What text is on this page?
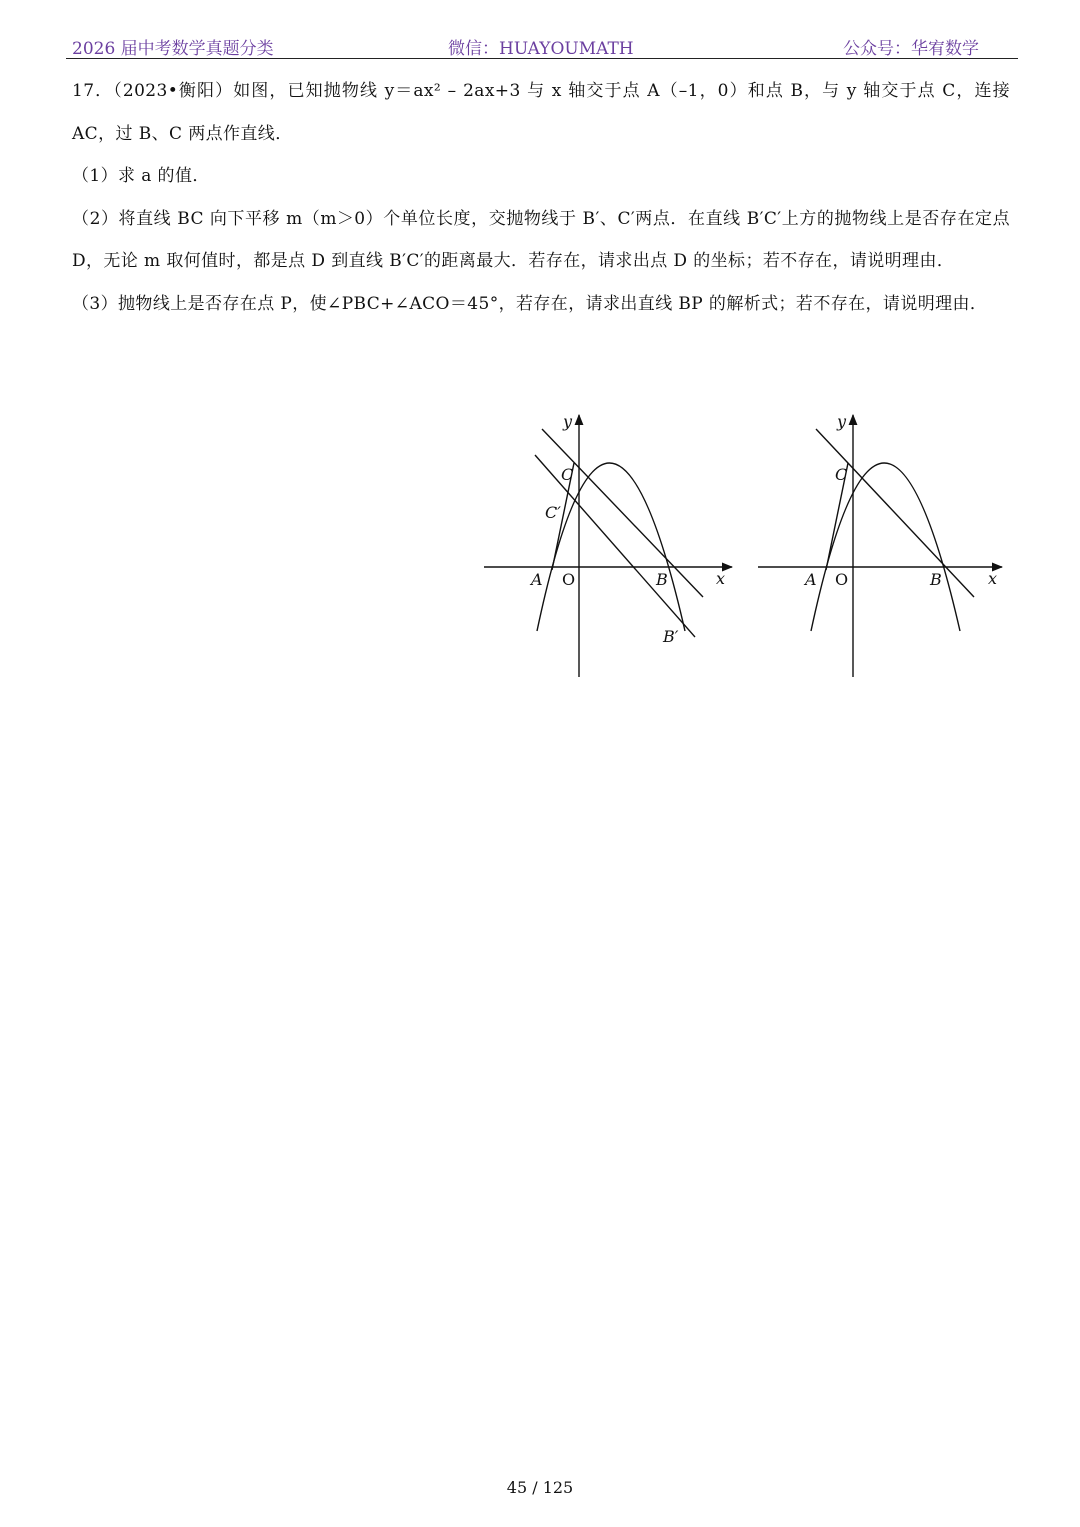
2026 届中考数学真题分类	微信：HUAYOUMATH	公众号：华宥数学

17．（2023•衡阳）如图，已知抛物线 y＝ax² – 2ax+3 与 x 轴交于点 A（–1，0）和点 B，与 y 轴交于点 C，连接 AC，过 B、C 两点作直线．

（1）求 a 的值．

（2）将直线 BC 向下平移 m（m＞0）个单位长度，交抛物线于 B′、C′两点．在直线 B′C′上方的抛物线上是否存在定点 D，无论 m 取何值时，都是点 D 到直线 B′C′的距离最大．若存在，请求出点 D 的坐标；若不存在，请说明理由．

（3）抛物线上是否存在点 P，使∠PBC+∠ACO＝45°，若存在，请求出直线 BP 的解析式；若不存在，请说明理由．

y
x
O
A	B
C
C′
B′
y
x
O
A	B
C
45 / 125
